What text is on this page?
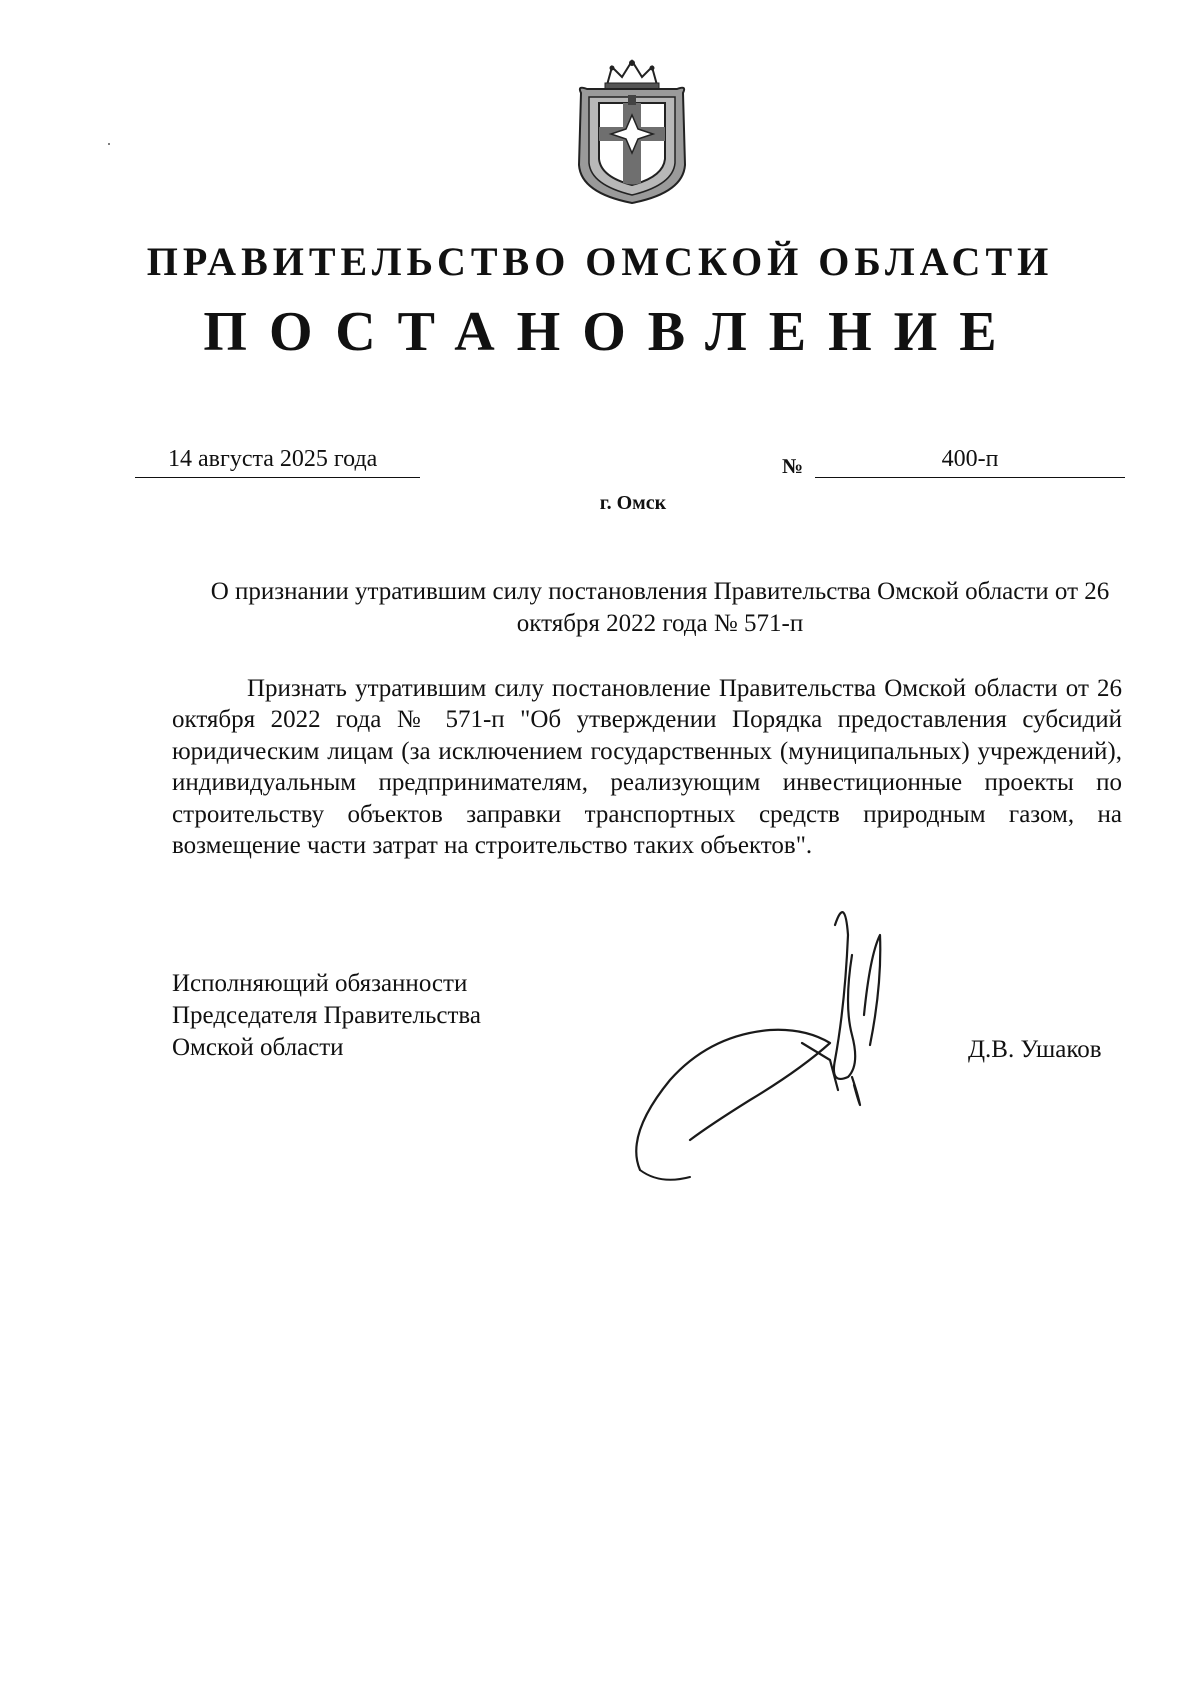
ПРАВИТЕЛЬСТВО ОМСКОЙ ОБЛАСТИ
ПОСТАНОВЛЕНИЕ
14 августа 2025 года	№	400-п
г. Омск
О признании утратившим силу постановления Правительства Омской области от 26 октября 2022 года № 571-п
Признать утратившим силу постановление Правительства Омской области от 26 октября 2022 года № 571-п "Об утверждении Порядка предоставления субсидий юридическим лицам (за исключением государственных (муниципальных) учреждений), индивидуальным предпринимателям, реализующим инвестиционные проекты по строительству объектов заправки транспортных средств природным газом, на возмещение части затрат на строительство таких объектов".
Исполняющий обязанности
Председателя Правительства
Омской области	Д.В. Ушаков
